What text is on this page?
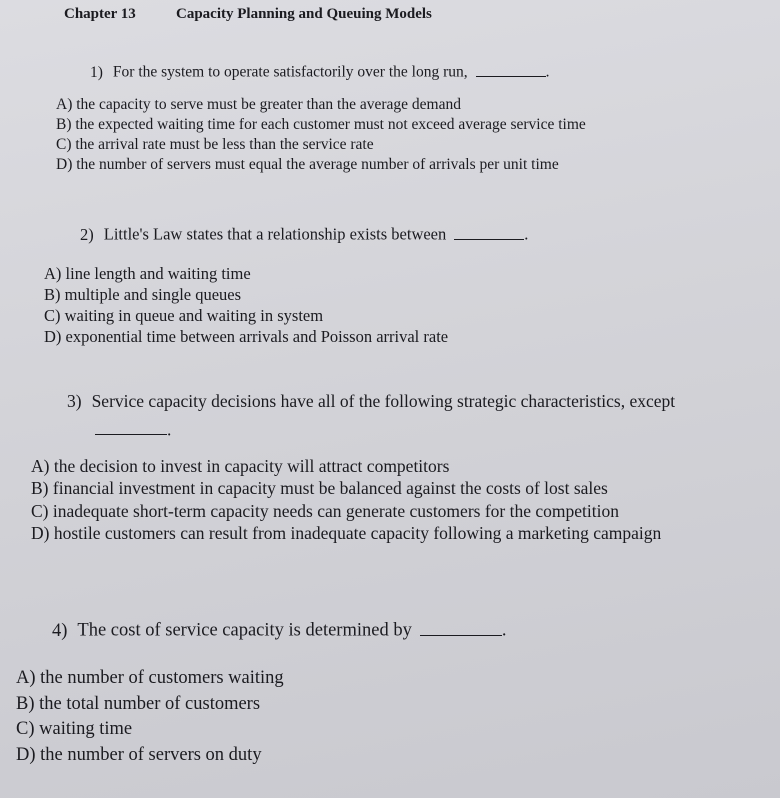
Chapter 13	Capacity Planning and Queuing Models
1) For the system to operate satisfactorily over the long run,	.
A) the capacity to serve must be greater than the average demand
B) the expected waiting time for each customer must not exceed average service time
C) the arrival rate must be less than the service rate
D) the number of servers must equal the average number of arrivals per unit time
2) Little's Law states that a relationship exists between	.
A) line length and waiting time
B) multiple and single queues
C) waiting in queue and waiting in system
D) exponential time between arrivals and Poisson arrival rate
3) Service capacity decisions have all of the following strategic characteristics, except
.
A) the decision to invest in capacity will attract competitors
B) financial investment in capacity must be balanced against the costs of lost sales
C) inadequate short-term capacity needs can generate customers for the competition
D) hostile customers can result from inadequate capacity following a marketing campaign
4) The cost of service capacity is determined by	.
A) the number of customers waiting
B) the total number of customers
C) waiting time
D) the number of servers on duty
